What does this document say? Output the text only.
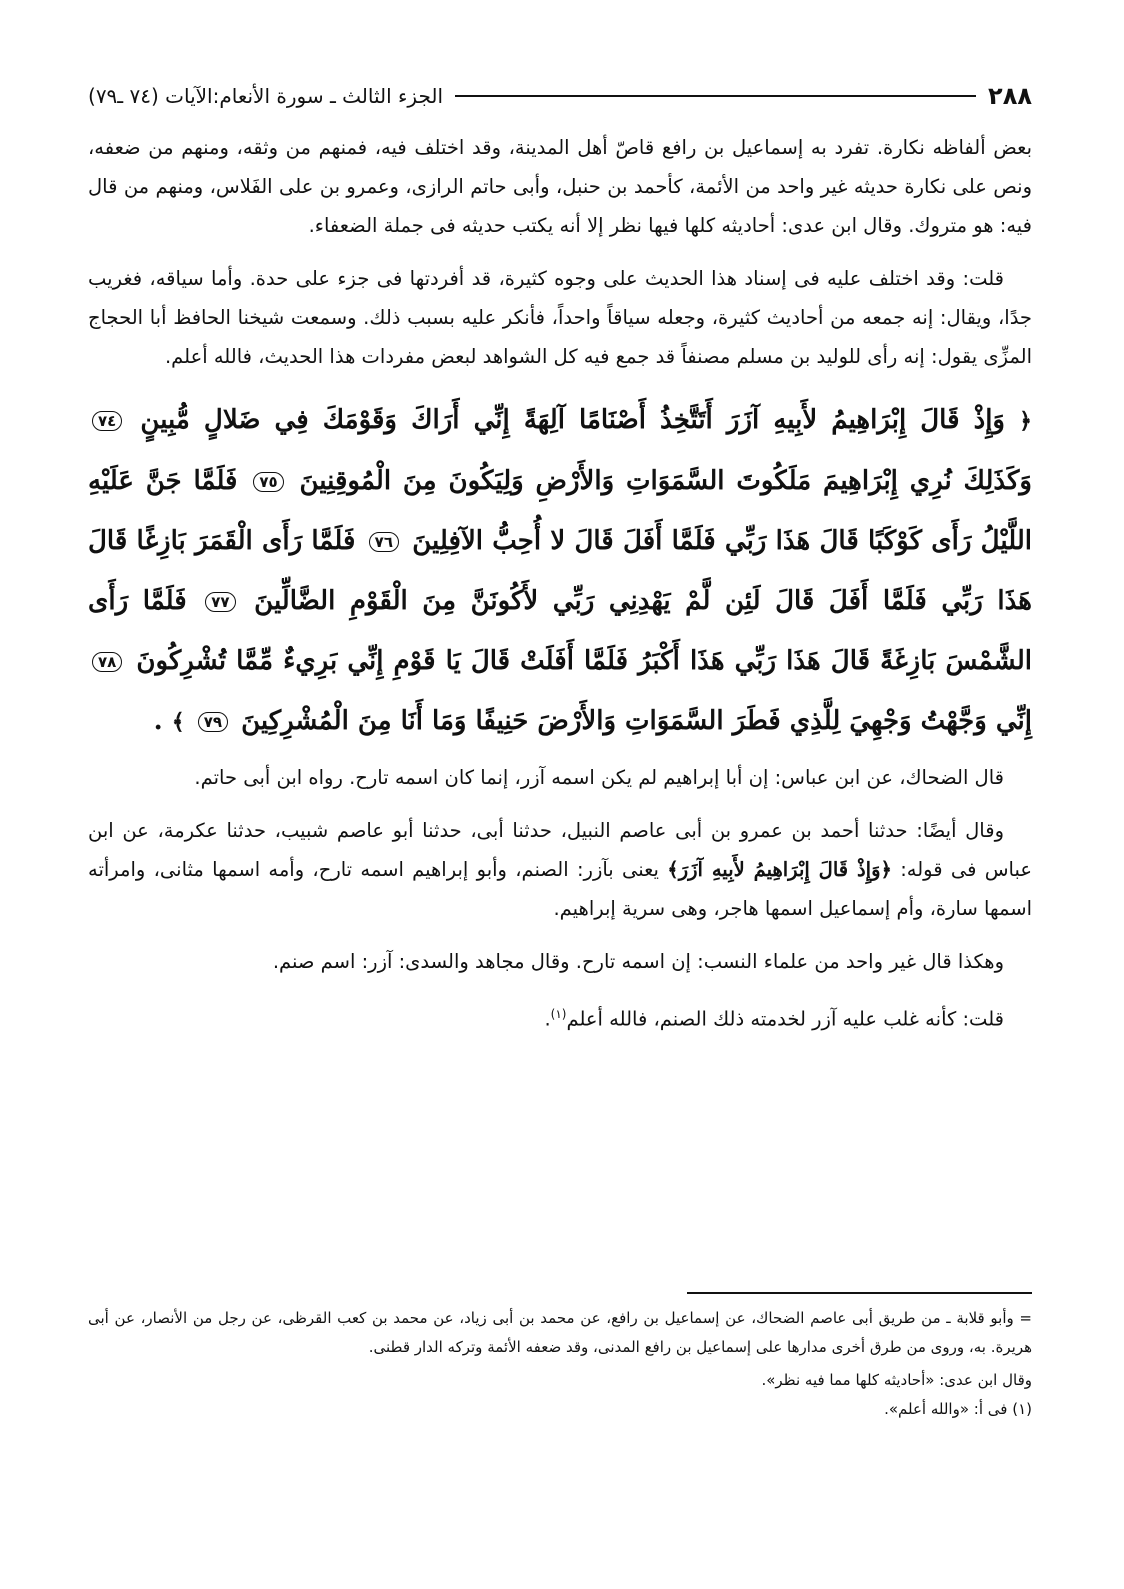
٢٨٨
الجزء الثالث ـ سورة الأنعام:الآيات (٧٤ ـ٧٩)

بعض ألفاظه نكارة. تفرد به إسماعيل بن رافع قاصّ أهل المدينة، وقد اختلف فيه، فمنهم من وثقه، ومنهم من ضعفه، ونص على نكارة حديثه غير واحد من الأئمة، كأحمد بن حنبل، وأبى حاتم الرازى، وعمرو بن على الفَلاس، ومنهم من قال فيه: هو متروك. وقال ابن عدى: أحاديثه كلها فيها نظر إلا أنه يكتب حديثه فى جملة الضعفاء.

قلت: وقد اختلف عليه فى إسناد هذا الحديث على وجوه كثيرة، قد أفردتها فى جزء على حدة. وأما سياقه، فغريب جدًا، ويقال: إنه جمعه من أحاديث كثيرة، وجعله سياقاً واحداً، فأنكر عليه بسبب ذلك. وسمعت شيخنا الحافظ أبا الحجاج المزِّى يقول: إنه رأى للوليد بن مسلم مصنفاً قد جمع فيه كل الشواهد لبعض مفردات هذا الحديث، فالله أعلم.

﴿ وَإِذْ قَالَ إِبْرَاهِيمُ لأَبِيهِ آزَرَ أَتَتَّخِذُ أَصْنَامًا آلِهَةً إِنِّي أَرَاكَ وَقَوْمَكَ فِي ضَلالٍ مُّبِينٍ ٧٤ وَكَذَلِكَ نُرِي إِبْرَاهِيمَ مَلَكُوتَ السَّمَوَاتِ وَالأَرْضِ وَلِيَكُونَ مِنَ الْمُوقِنِينَ ٧٥ فَلَمَّا جَنَّ عَلَيْهِ اللَّيْلُ رَأَى كَوْكَبًا قَالَ هَذَا رَبِّي فَلَمَّا أَفَلَ قَالَ لا أُحِبُّ الآفِلِينَ ٧٦ فَلَمَّا رَأَى الْقَمَرَ بَازِغًا قَالَ هَذَا رَبِّي فَلَمَّا أَفَلَ قَالَ لَئِن لَّمْ يَهْدِنِي رَبِّي لأَكُونَنَّ مِنَ الْقَوْمِ الضَّالِّينَ ٧٧ فَلَمَّا رَأَى الشَّمْسَ بَازِغَةً قَالَ هَذَا رَبِّي هَذَا أَكْبَرُ فَلَمَّا أَفَلَتْ قَالَ يَا قَوْمِ إِنِّي بَرِيءٌ مِّمَّا تُشْرِكُونَ ٧٨ إِنِّي وَجَّهْتُ وَجْهِيَ لِلَّذِي فَطَرَ السَّمَوَاتِ وَالأَرْضَ حَنِيفًا وَمَا أَنَا مِنَ الْمُشْرِكِينَ ٧٩ ﴾ .

قال الضحاك، عن ابن عباس: إن أبا إبراهيم لم يكن اسمه آزر، إنما كان اسمه تارح. رواه ابن أبى حاتم.

وقال أيضًا: حدثنا أحمد بن عمرو بن أبى عاصم النبيل، حدثنا أبى، حدثنا أبو عاصم شبيب، حدثنا عكرمة، عن ابن عباس فى قوله: ﴿وَإِذْ قَالَ إِبْرَاهِيمُ لأَبِيهِ آزَرَ﴾ يعنى بآزر: الصنم، وأبو إبراهيم اسمه تارح، وأمه اسمها مثانى، وامرأته اسمها سارة، وأم إسماعيل اسمها هاجر، وهى سرية إبراهيم.

وهكذا قال غير واحد من علماء النسب: إن اسمه تارح. وقال مجاهد والسدى: آزر: اسم صنم.

قلت: كأنه غلب عليه آزر لخدمته ذلك الصنم، فالله أعلم$^{(١)}$.

= وأبو قلابة ـ من طريق أبى عاصم الضحاك، عن إسماعيل بن رافع، عن محمد بن أبى زياد، عن محمد بن كعب القرظى، عن رجل من الأنصار، عن أبى هريرة. به، وروى من طرق أخرى مدارها على إسماعيل بن رافع المدنى، وقد ضعفه الأئمة وتركه الدار قطنى.

وقال ابن عدى: «أحاديثه كلها مما فيه نظر».

(١) فى أ: «والله أعلم».
